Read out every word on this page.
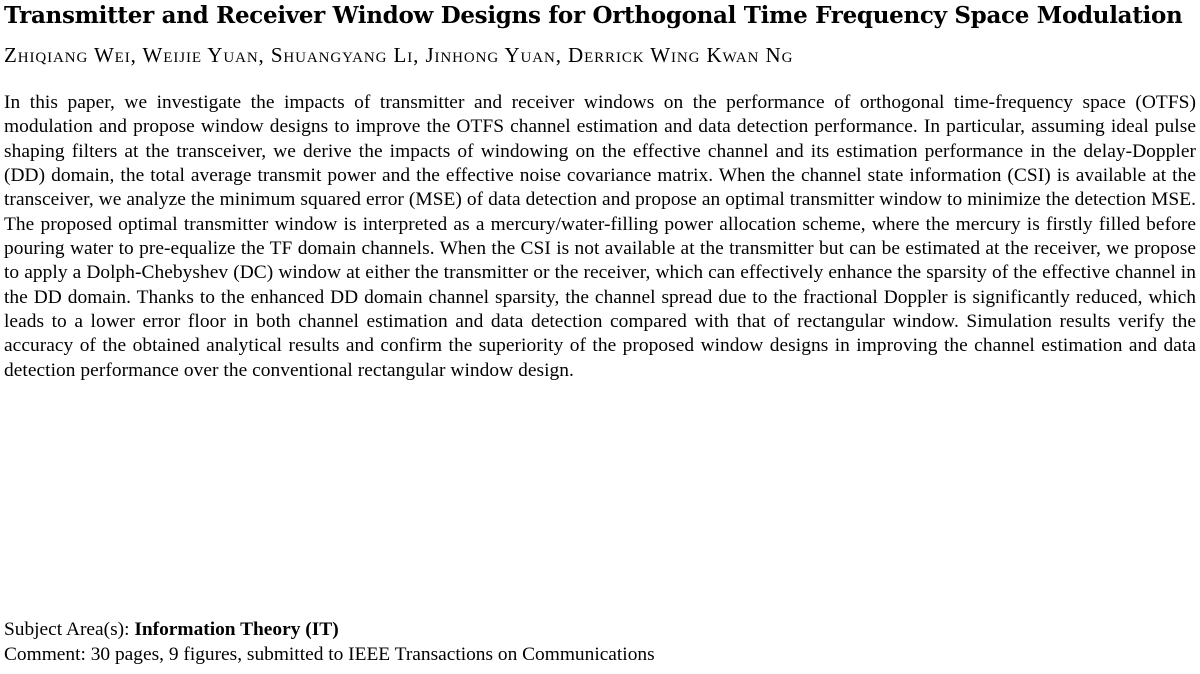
Transmitter and Receiver Window Designs for Orthogonal Time Frequency Space Modulation
Zhiqiang Wei, Weijie Yuan, Shuangyang Li, Jinhong Yuan, Derrick Wing Kwan Ng

In this paper, we investigate the impacts of transmitter and receiver windows on the performance of orthogonal time-frequency space (OTFS) modulation and propose window designs to improve the OTFS channel estimation and data detection performance. In particular, assuming ideal pulse shaping filters at the transceiver, we derive the impacts of windowing on the effective channel and its estimation performance in the delay-Doppler (DD) domain, the total average transmit power and the effective noise covariance matrix. When the channel state information (CSI) is available at the transceiver, we analyze the minimum squared error (MSE) of data detection and propose an optimal transmitter window to minimize the detection MSE. The proposed optimal transmitter window is interpreted as a mercury/water-filling power allocation scheme, where the mercury is firstly filled before pouring water to pre-equalize the TF domain channels. When the CSI is not available at the transmitter but can be estimated at the receiver, we propose to apply a Dolph-Chebyshev (DC) window at either the transmitter or the receiver, which can effectively enhance the sparsity of the effective channel in the DD domain. Thanks to the enhanced DD domain channel sparsity, the channel spread due to the fractional Doppler is significantly reduced, which leads to a lower error floor in both channel estimation and data detection compared with that of rectangular window. Simulation results verify the accuracy of the obtained analytical results and confirm the superiority of the proposed window designs in improving the channel estimation and data detection performance over the conventional rectangular window design.

Subject Area(s): Information Theory (IT)
Comment: 30 pages, 9 figures, submitted to IEEE Transactions on Communications
